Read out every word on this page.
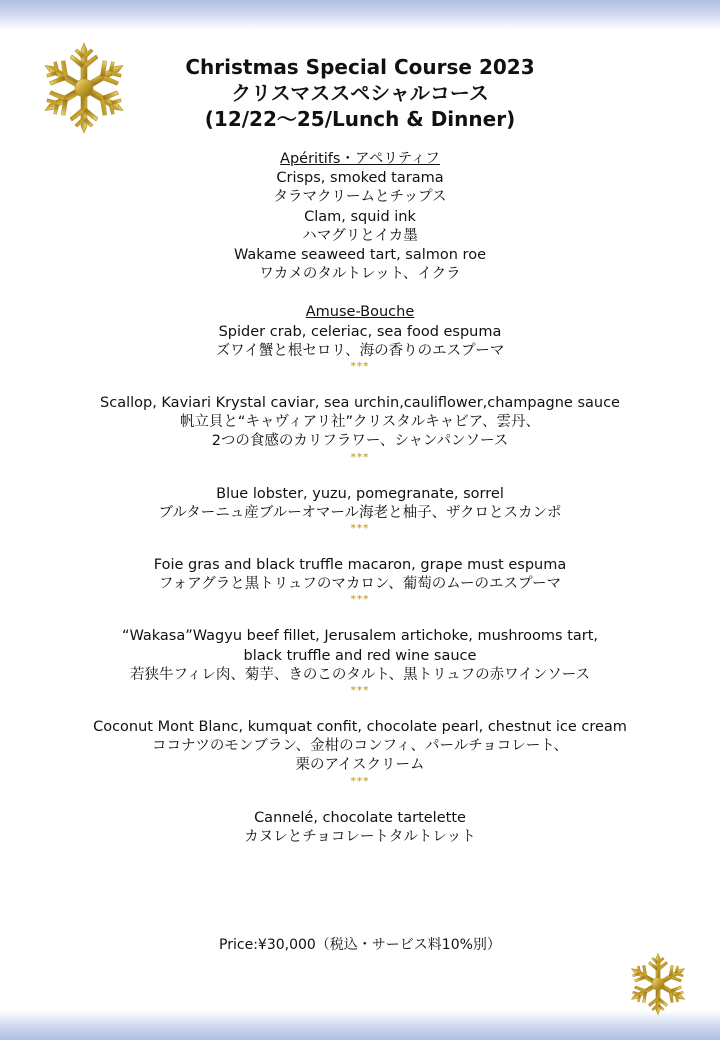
Christmas Special Course 2023
クリスマススペシャルコース
(12/22～25/Lunch & Dinner)
Apéritifs・アペリティフ
Crisps, smoked tarama
タラマクリームとチップス
Clam, squid ink
ハマグリとイカ墨
Wakame seaweed tart, salmon roe
ワカメのタルトレット、イクラ
Amuse-Bouche
Spider crab, celeriac, sea food espuma
ズワイ蟹と根セロリ、海の香りのエスプーマ
***
Scallop, Kaviari Krystal caviar, sea urchin,cauliflower,champagne sauce
帆立貝と“キャヴィアリ社”クリスタルキャビア、雲丹、
2つの食感のカリフラワー、シャンパンソース
***
Blue lobster, yuzu, pomegranate, sorrel
ブルターニュ産ブルーオマール海老と柚子、ザクロとスカンポ
***
Foie gras and black truffle macaron, grape must espuma
フォアグラと黒トリュフのマカロン、葡萄のムーのエスプーマ
***
“Wakasa”Wagyu beef fillet, Jerusalem artichoke, mushrooms tart,
black truffle and red wine sauce
若狭牛フィレ肉、菊芋、きのこのタルト、黒トリュフの赤ワインソース
***
Coconut Mont Blanc, kumquat confit, chocolate pearl, chestnut ice cream
ココナツのモンブラン、金柑のコンフィ、パールチョコレート、
栗のアイスクリーム
***
Cannelé, chocolate tartelette
カヌレとチョコレートタルトレット
Price:¥30,000（税込・サービス料10%別）
